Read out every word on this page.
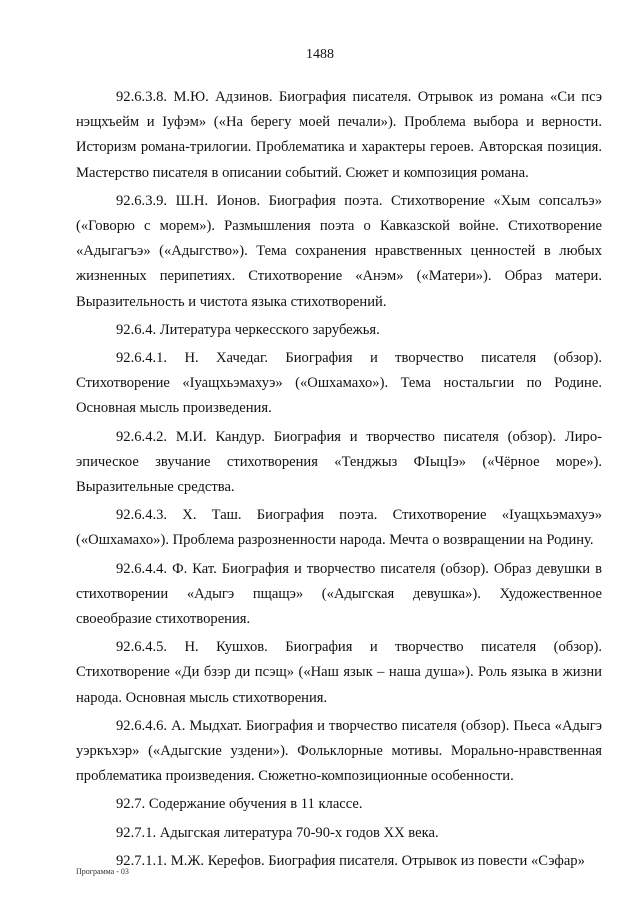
1488

92.6.3.8. М.Ю. Адзинов. Биография писателя. Отрывок из романа «Си псэ нэщхъейм и Іуфэм» («На берегу моей печали»). Проблема выбора и верности. Историзм романа-трилогии. Проблематика и характеры героев. Авторская позиция. Мастерство писателя в описании событий. Сюжет и композиция романа.

92.6.3.9. Ш.Н. Ионов. Биография поэта. Стихотворение «Хым сопсалъэ» («Говорю с морем»). Размышления поэта о Кавказской войне. Стихотворение «Адыгагъэ» («Адыгство»). Тема сохранения нравственных ценностей в любых жизненных перипетиях. Стихотворение «Анэм» («Матери»). Образ матери. Выразительность и чистота языка стихотворений.

92.6.4. Литература черкесского зарубежья.

92.6.4.1. Н. Хачедаг. Биография и творчество писателя (обзор). Стихотворение «Іуащхьэмахуэ» («Ошхамахо»). Тема ностальгии по Родине. Основная мысль произведения.

92.6.4.2. М.И. Кандур. Биография и творчество писателя (обзор). Лиро-эпическое звучание стихотворения «Тенджыз ФІыцІэ» («Чёрное море»). Выразительные средства.

92.6.4.3. Х. Таш. Биография поэта. Стихотворение «Іуащхьэмахуэ» («Ошхамахо»). Проблема разрозненности народа. Мечта о возвращении на Родину.

92.6.4.4. Ф. Кат. Биография и творчество писателя (обзор). Образ девушки в стихотворении «Адыгэ пщащэ» («Адыгская девушка»). Художественное своеобразие стихотворения.

92.6.4.5. Н. Кушхов. Биография и творчество писателя (обзор). Стихотворение «Ди бзэр ди псэщ» («Наш язык – наша душа»). Роль языка в жизни народа. Основная мысль стихотворения.

92.6.4.6. А. Мыдхат. Биография и творчество писателя (обзор). Пьеса «Адыгэ уэркъхэр» («Адыгские уздени»). Фольклорные мотивы. Морально-нравственная проблематика произведения. Сюжетно-композиционные особенности.

92.7. Содержание обучения в 11 классе.

92.7.1. Адыгская литература 70-90-х годов XX века.

92.7.1.1. М.Ж. Керефов. Биография писателя. Отрывок из повести «Сэфар»

Программа - 03
